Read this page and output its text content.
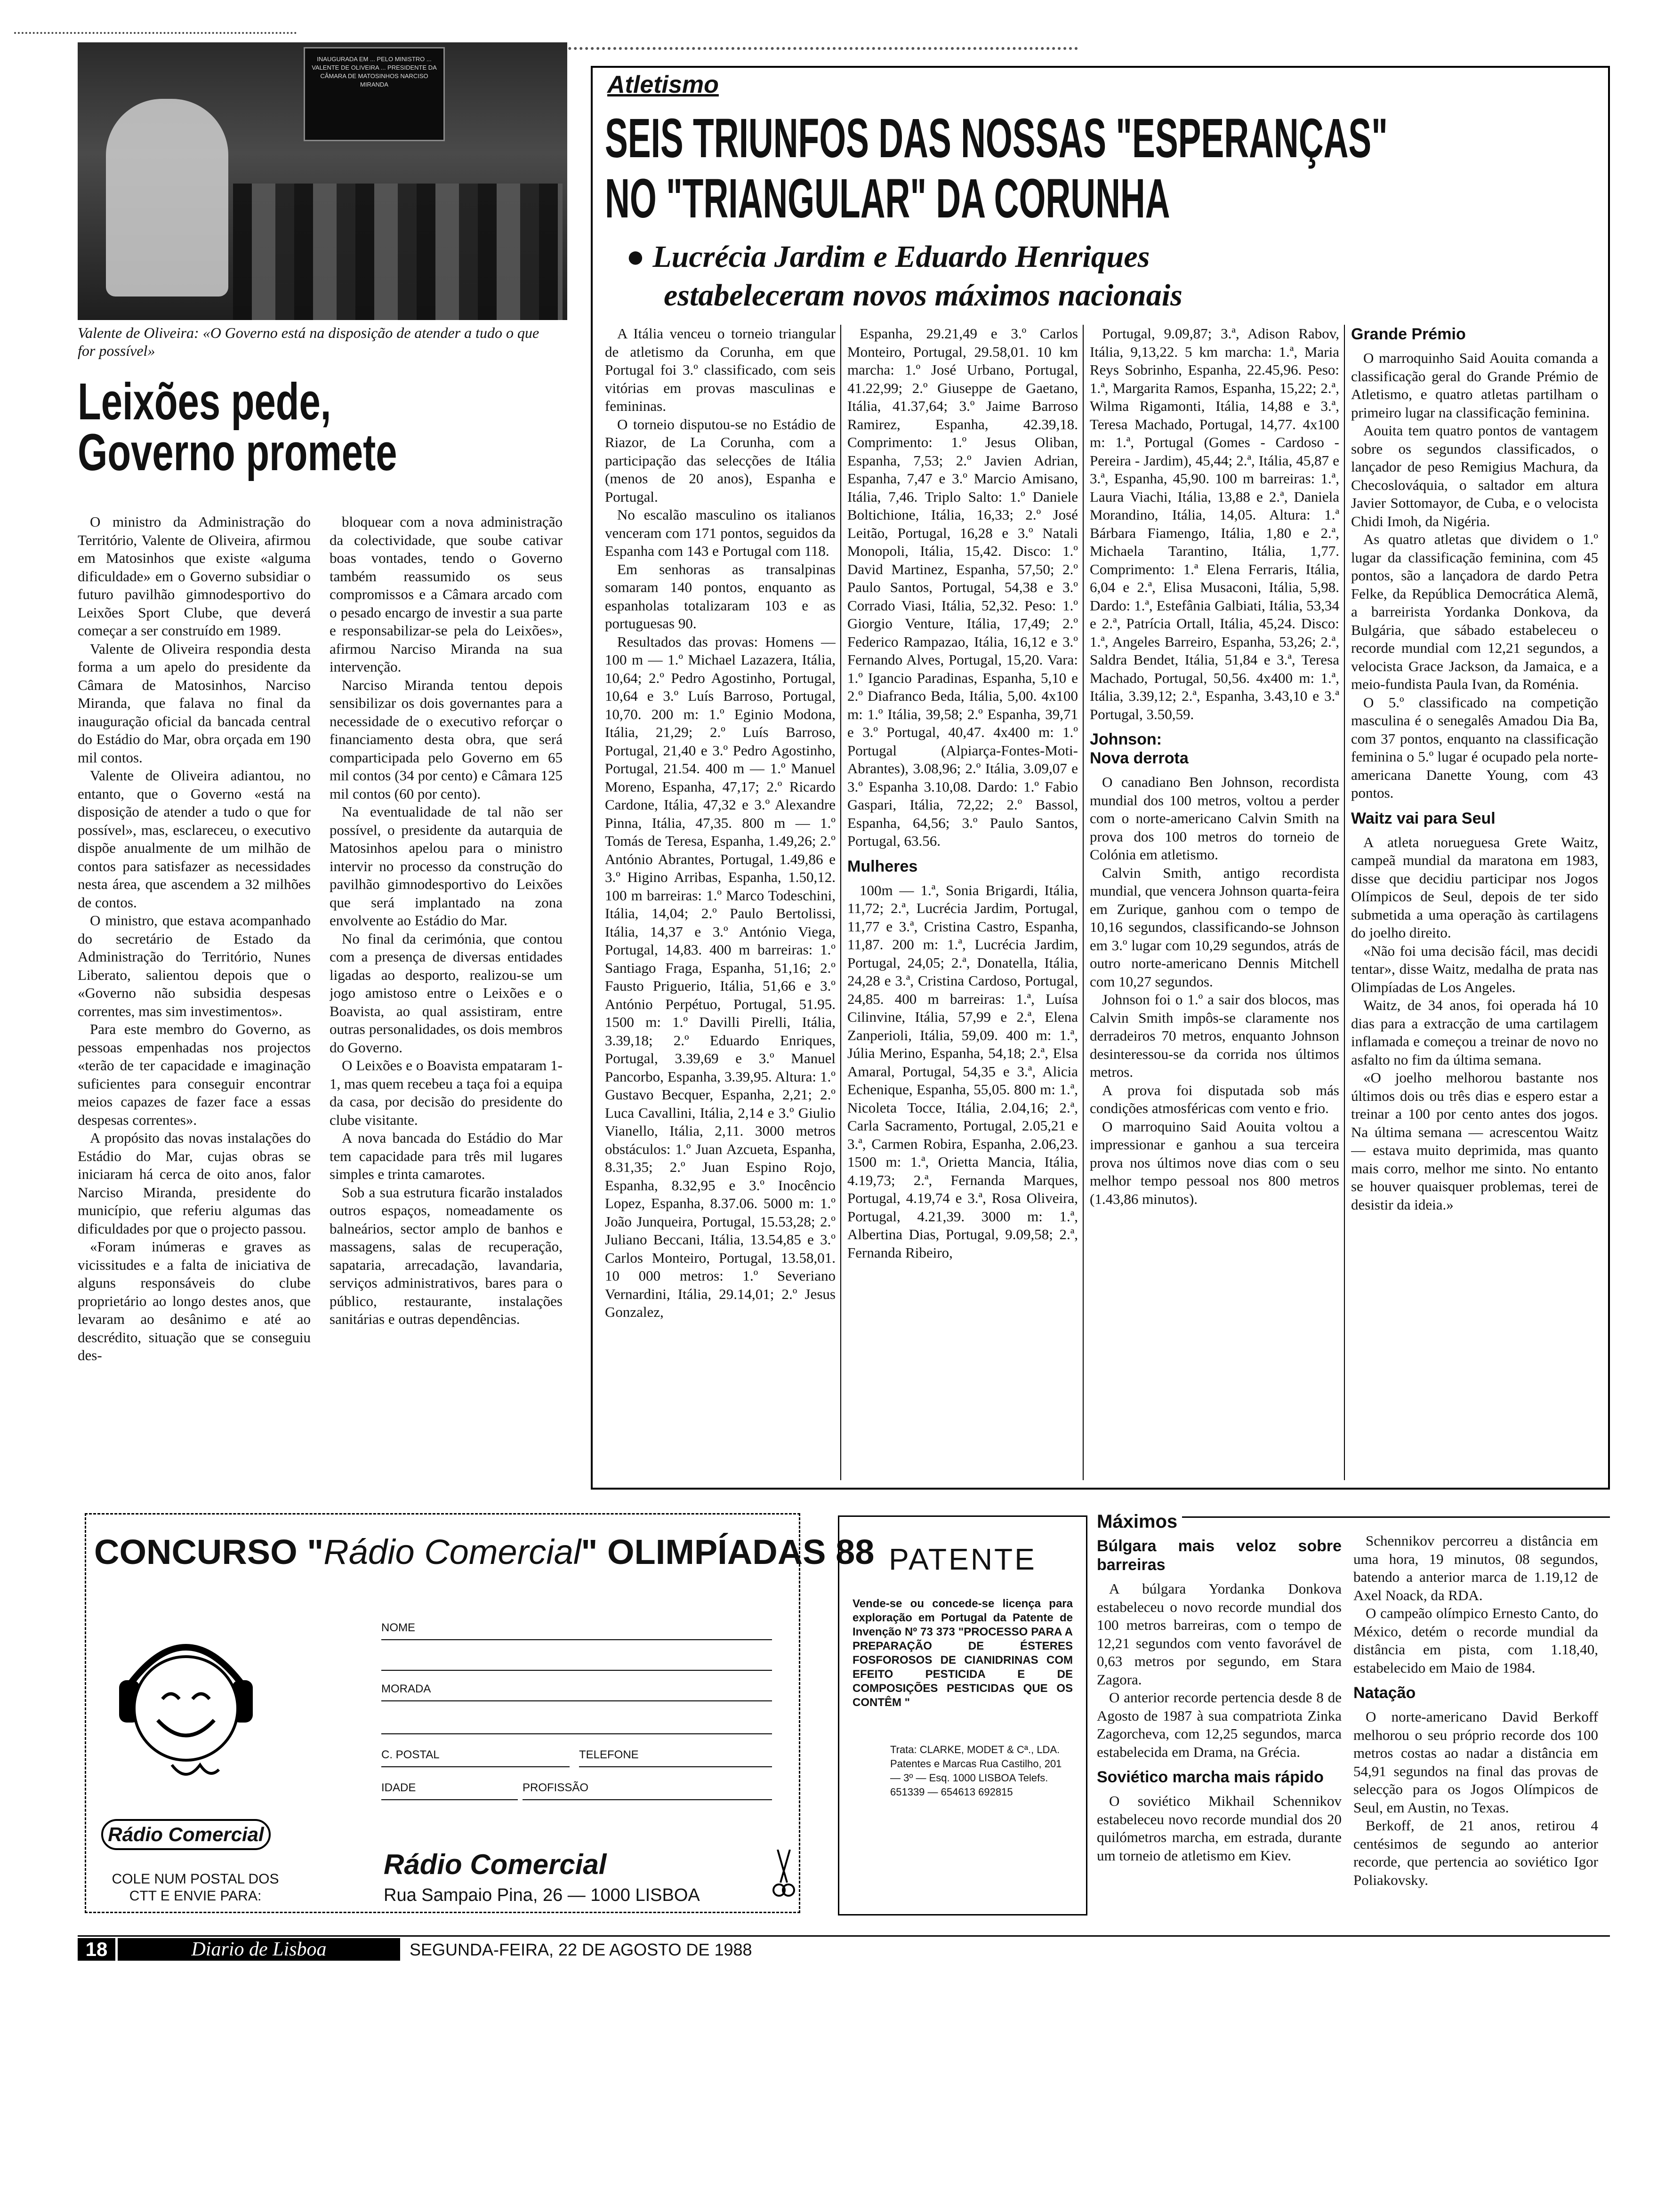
INAUGURADA EM ... PELO MINISTRO ... VALENTE DE OLIVEIRA ... PRESIDENTE DA CÂMARA DE MATOSINHOS NARCISO MIRANDA
Valente de Oliveira: «O Governo está na disposição de atender a tudo o que for possível»
Leixões pede,
Governo promete

O ministro da Administração do Território, Valente de Oliveira, afirmou em Matosinhos que existe «alguma dificuldade» em o Governo subsidiar o futuro pavilhão gimnodesportivo do Leixões Sport Clube, que deverá começar a ser construído em 1989.

Valente de Oliveira respondia desta forma a um apelo do presidente da Câmara de Matosinhos, Narciso Miranda, que falava no final da inauguração oficial da bancada central do Estádio do Mar, obra orçada em 190 mil contos.

Valente de Oliveira adiantou, no entanto, que o Governo «está na disposição de atender a tudo o que for possível», mas, esclareceu, o executivo dispõe anualmente de um milhão de contos para satisfazer as necessidades nesta área, que ascendem a 32 milhões de contos.

O ministro, que estava acompanhado do secretário de Estado da Administração do Território, Nunes Liberato, salientou depois que o «Governo não subsidia despesas correntes, mas sim investimentos».

Para este membro do Governo, as pessoas empenhadas nos projectos «terão de ter capacidade e imaginação suficientes para conseguir encontrar meios capazes de fazer face a essas despesas correntes».

A propósito das novas instalações do Estádio do Mar, cujas obras se iniciaram há cerca de oito anos, falor Narciso Miranda, presidente do município, que referiu algumas das dificuldades por que o projecto passou.

«Foram inúmeras e graves as vicissitudes e a falta de iniciativa de alguns responsáveis do clube proprietário ao longo destes anos, que levaram ao desânimo e até ao descrédito, situação que se conseguiu des-

bloquear com a nova administração da colectividade, que soube cativar boas vontades, tendo o Governo também reassumido os seus compromissos e a Câmara arcado com o pesado encargo de investir a sua parte e responsabilizar-se pela do Leixões», afirmou Narciso Miranda na sua intervenção.

Narciso Miranda tentou depois sensibilizar os dois governantes para a necessidade de o executivo reforçar o financiamento desta obra, que será comparticipada pelo Governo em 65 mil contos (34 por cento) e Câmara 125 mil contos (60 por cento).

Na eventualidade de tal não ser possível, o presidente da autarquia de Matosinhos apelou para o ministro intervir no processo da construção do pavilhão gimnodesportivo do Leixões que será implantado na zona envolvente ao Estádio do Mar.

No final da cerimónia, que contou com a presença de diversas entidades ligadas ao desporto, realizou-se um jogo amistoso entre o Leixões e o Boavista, ao qual assistiram, entre outras personalidades, os dois membros do Governo.

O Leixões e o Boavista empataram 1-1, mas quem recebeu a taça foi a equipa da casa, por decisão do presidente do clube visitante.

A nova bancada do Estádio do Mar tem capacidade para três mil lugares simples e trinta camarotes.

Sob a sua estrutura ficarão instalados outros espaços, nomeadamente os balneários, sector amplo de banhos e massagens, salas de recuperação, sapataria, arrecadação, lavandaria, serviços administrativos, bares para o público, restaurante, instalações sanitárias e outras dependências.

Atletismo
SEIS TRIUNFOS DAS NOSSAS "ESPERANÇAS"
NO "TRIANGULAR" DA CORUNHA
● Lucrécia Jardim e Eduardo Henriques
estabeleceram novos máximos nacionais

A Itália venceu o torneio triangular de atletismo da Corunha, em que Portugal foi 3.º classificado, com seis vitórias em provas masculinas e femininas.

O torneio disputou-se no Estádio de Riazor, de La Corunha, com a participação das selecções de Itália (menos de 20 anos), Espanha e Portugal.

No escalão masculino os italianos venceram com 171 pontos, seguidos da Espanha com 143 e Portugal com 118.

Em senhoras as transalpinas somaram 140 pontos, enquanto as espanholas totalizaram 103 e as portuguesas 90.

Resultados das provas: Homens — 100 m — 1.º Michael Lazazera, Itália, 10,64; 2.º Pedro Agostinho, Portugal, 10,64 e 3.º Luís Barroso, Portugal, 10,70. 200 m: 1.º Eginio Modona, Itália, 21,29; 2.º Luís Barroso, Portugal, 21,40 e 3.º Pedro Agostinho, Portugal, 21.54. 400 m — 1.º Manuel Moreno, Espanha, 47,17; 2.º Ricardo Cardone, Itália, 47,32 e 3.º Alexandre Pinna, Itália, 47,35. 800 m — 1.º Tomás de Teresa, Espanha, 1.49,26; 2.º António Abrantes, Portugal, 1.49,86 e 3.º Higino Arribas, Espanha, 1.50,12. 100 m barreiras: 1.º Marco Todeschini, Itália, 14,04; 2.º Paulo Bertolissi, Itália, 14,37 e 3.º António Viega, Portugal, 14,83. 400 m barreiras: 1.º Santiago Fraga, Espanha, 51,16; 2.º Fausto Priguerio, Itália, 51,66 e 3.º António Perpétuo, Portugal, 51.95. 1500 m: 1.º Davilli Pirelli, Itália, 3.39,18; 2.º Eduardo Enriques, Portugal, 3.39,69 e 3.º Manuel Pancorbo, Espanha, 3.39,95. Altura: 1.º Gustavo Becquer, Espanha, 2,21; 2.º Luca Cavallini, Itália, 2,14 e 3.º Giulio Vianello, Itália, 2,11. 3000 metros obstáculos: 1.º Juan Azcueta, Espanha, 8.31,35; 2.º Juan Espino Rojo, Espanha, 8.32,95 e 3.º Inocêncio Lopez, Espanha, 8.37.06. 5000 m: 1.º João Junqueira, Portugal, 15.53,28; 2.º Juliano Beccani, Itália, 13.54,85 e 3.º Carlos Monteiro, Portugal, 13.58,01. 10 000 metros: 1.º Severiano Vernardini, Itália, 29.14,01; 2.º Jesus Gonzalez,

Espanha, 29.21,49 e 3.º Carlos Monteiro, Portugal, 29.58,01. 10 km marcha: 1.º José Urbano, Portugal, 41.22,99; 2.º Giuseppe de Gaetano, Itália, 41.37,64; 3.º Jaime Barroso Ramirez, Espanha, 42.39,18. Comprimento: 1.º Jesus Oliban, Espanha, 7,53; 2.º Javien Adrian, Espanha, 7,47 e 3.º Marcio Amisano, Itália, 7,46. Triplo Salto: 1.º Daniele Boltichione, Itália, 16,33; 2.º José Leitão, Portugal, 16,28 e 3.º Natali Monopoli, Itália, 15,42. Disco: 1.º David Martinez, Espanha, 57,50; 2.º Paulo Santos, Portugal, 54,38 e 3.º Corrado Viasi, Itália, 52,32. Peso: 1.º Giorgio Venture, Itália, 17,49; 2.º Federico Rampazao, Itália, 16,12 e 3.º Fernando Alves, Portugal, 15,20. Vara: 1.º Igancio Paradinas, Espanha, 5,10 e 2.º Diafranco Beda, Itália, 5,00. 4x100 m: 1.º Itália, 39,58; 2.º Espanha, 39,71 e 3.º Portugal, 40,47. 4x400 m: 1.º Portugal (Alpiarça-Fontes-Moti-Abrantes), 3.08,96; 2.º Itália, 3.09,07 e 3.º Espanha 3.10,08. Dardo: 1.º Fabio Gaspari, Itália, 72,22; 2.º Bassol, Espanha, 64,56; 3.º Paulo Santos, Portugal, 63.56.

Mulheres

100m — 1.ª, Sonia Brigardi, Itália, 11,72; 2.ª, Lucrécia Jardim, Portugal, 11,77 e 3.ª, Cristina Castro, Espanha, 11,87. 200 m: 1.ª, Lucrécia Jardim, Portugal, 24,05; 2.ª, Donatella, Itália, 24,28 e 3.ª, Cristina Cardoso, Portugal, 24,85. 400 m barreiras: 1.ª, Luísa Cilinvine, Itália, 57,99 e 2.ª, Elena Zanperioli, Itália, 59,09. 400 m: 1.ª, Júlia Merino, Espanha, 54,18; 2.ª, Elsa Amaral, Portugal, 54,35 e 3.ª, Alicia Echenique, Espanha, 55,05. 800 m: 1.ª, Nicoleta Tocce, Itália, 2.04,16; 2.ª, Carla Sacramento, Portugal, 2.05,21 e 3.ª, Carmen Robira, Espanha, 2.06,23. 1500 m: 1.ª, Orietta Mancia, Itália, 4.19,73; 2.ª, Fernanda Marques, Portugal, 4.19,74 e 3.ª, Rosa Oliveira, Portugal, 4.21,39. 3000 m: 1.ª, Albertina Dias, Portugal, 9.09,58; 2.ª, Fernanda Ribeiro,

Portugal, 9.09,87; 3.ª, Adison Rabov, Itália, 9,13,22. 5 km marcha: 1.ª, Maria Reys Sobrinho, Espanha, 22.45,96. Peso: 1.ª, Margarita Ramos, Espanha, 15,22; 2.ª, Wilma Rigamonti, Itália, 14,88 e 3.ª, Teresa Machado, Portugal, 14,77. 4x100 m: 1.ª, Portugal (Gomes - Cardoso - Pereira - Jardim), 45,44; 2.ª, Itália, 45,87 e 3.ª, Espanha, 45,90. 100 m barreiras: 1.ª, Laura Viachi, Itália, 13,88 e 2.ª, Daniela Morandino, Itália, 14,05. Altura: 1.ª Bárbara Fiamengo, Itália, 1,80 e 2.ª, Michaela Tarantino, Itália, 1,77. Comprimento: 1.ª Elena Ferraris, Itália, 6,04 e 2.ª, Elisa Musaconi, Itália, 5,98. Dardo: 1.ª, Estefânia Galbiati, Itália, 53,34 e 2.ª, Patrícia Ortall, Itália, 45,24. Disco: 1.ª, Angeles Barreiro, Espanha, 53,26; 2.ª, Saldra Bendet, Itália, 51,84 e 3.ª, Teresa Machado, Portugal, 50,56. 4x400 m: 1.ª, Itália, 3.39,12; 2.ª, Espanha, 3.43,10 e 3.ª Portugal, 3.50,59.

Johnson:
Nova derrota

O canadiano Ben Johnson, recordista mundial dos 100 metros, voltou a perder com o norte-americano Calvin Smith na prova dos 100 metros do torneio de Colónia em atletismo.

Calvin Smith, antigo recordista mundial, que vencera Johnson quarta-feira em Zurique, ganhou com o tempo de 10,16 segundos, classificando-se Johnson em 3.º lugar com 10,29 segundos, atrás de outro norte-americano Dennis Mitchell com 10,27 segundos.

Johnson foi o 1.º a sair dos blocos, mas Calvin Smith impôs-se claramente nos derradeiros 70 metros, enquanto Johnson desinteressou-se da corrida nos últimos metros.

A prova foi disputada sob más condições atmosféricas com vento e frio.

O marroquino Said Aouita voltou a impressionar e ganhou a sua terceira prova nos últimos nove dias com o seu melhor tempo pessoal nos 800 metros (1.43,86 minutos).

Grande Prémio

O marroquinho Said Aouita comanda a classificação geral do Grande Prémio de Atletismo, e quatro atletas partilham o primeiro lugar na classificação feminina.

Aouita tem quatro pontos de vantagem sobre os segundos classificados, o lançador de peso Remigius Machura, da Checoslováquia, o saltador em altura Javier Sottomayor, de Cuba, e o velocista Chidi Imoh, da Nigéria.

As quatro atletas que dividem o 1.º lugar da classificação feminina, com 45 pontos, são a lançadora de dardo Petra Felke, da República Democrática Alemã, a barreirista Yordanka Donkova, da Bulgária, que sábado estabeleceu o recorde mundial com 12,21 segundos, a velocista Grace Jackson, da Jamaica, e a meio-fundista Paula Ivan, da Roménia.

O 5.º classificado na competição masculina é o senegalês Amadou Dia Ba, com 37 pontos, enquanto na classificação feminina o 5.º lugar é ocupado pela norte-americana Danette Young, com 43 pontos.

Waitz vai para Seul

A atleta norueguesa Grete Waitz, campeã mundial da maratona em 1983, disse que decidiu participar nos Jogos Olímpicos de Seul, depois de ter sido submetida a uma operação às cartilagens do joelho direito.

«Não foi uma decisão fácil, mas decidi tentar», disse Waitz, medalha de prata nas Olimpíadas de Los Angeles.

Waitz, de 34 anos, foi operada há 10 dias para a extracção de uma cartilagem inflamada e começou a treinar de novo no asfalto no fim da última semana.

«O joelho melhorou bastante nos últimos dois ou três dias e espero estar a treinar a 100 por cento antes dos jogos. Na última semana — acrescentou Waitz — estava muito deprimida, mas quanto mais corro, melhor me sinto. No entanto se houver quaisquer problemas, terei de desistir da ideia.»

CONCURSO "Rádio Comercial" OLIMPÍADAS 88
Rádio Comercial
COLE NUM POSTAL DOS CTT E ENVIE PARA:
NOME
MORADA
C. POSTAL	TELEFONE
IDADE	PROFISSÃO
Rádio Comercial
Rua Sampaio Pina, 26 — 1000 LISBOA
PATENTE
Vende-se ou concede-se licença para exploração em Portugal da Patente de Invenção Nº 73 373 "PROCESSO PARA A PREPARAÇÃO DE ÉSTERES FOSFOROSOS DE CIANIDRINAS COM EFEITO PESTICIDA E DE COMPOSIÇÕES PESTICIDAS QUE OS CONTÊM "
Trata: CLARKE, MODET & Cª., LDA. Patentes e Marcas Rua Castilho, 201 — 3º — Esq. 1000 LISBOA Telefs. 651339 — 654613 692815
Máximos
Búlgara mais veloz sobre barreiras

A búlgara Yordanka Donkova estabeleceu o novo recorde mundial dos 100 metros barreiras, com o tempo de 12,21 segundos com vento favorável de 0,63 metros por segundo, em Stara Zagora.

O anterior recorde pertencia desde 8 de Agosto de 1987 à sua compatriota Zinka Zagorcheva, com 12,25 segundos, marca estabelecida em Drama, na Grécia.

Soviético marcha mais rápido

O soviético Mikhail Schennikov estabeleceu novo recorde mundial dos 20 quilómetros marcha, em estrada, durante um torneio de atletismo em Kiev.

Schennikov percorreu a distância em uma hora, 19 minutos, 08 segundos, batendo a anterior marca de 1.19,12 de Axel Noack, da RDA.

O campeão olímpico Ernesto Canto, do México, detém o recorde mundial da distância em pista, com 1.18,40, estabelecido em Maio de 1984.

Natação

O norte-americano David Berkoff melhorou o seu próprio recorde dos 100 metros costas ao nadar a distância em 54,91 segundos na final das provas de selecção para os Jogos Olímpicos de Seul, em Austin, no Texas.

Berkoff, de 21 anos, retirou 4 centésimos de segundo ao anterior recorde, que pertencia ao soviético Igor Poliakovsky.

18	Diario de Lisboa	SEGUNDA-FEIRA, 22 DE AGOSTO DE 1988
